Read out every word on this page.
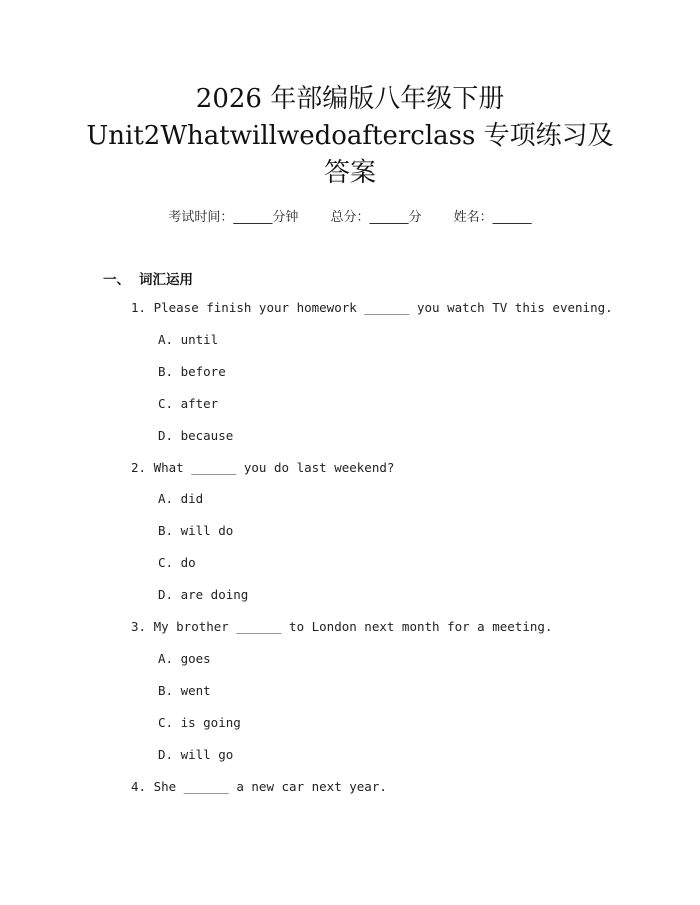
2026 年部编版八年级下册
Unit2Whatwillwedoafterclass 专项练习及
答案
考试时间：______分钟 总分：______分 姓名：______
一、 词汇运用
1. Please finish your homework ______ you watch TV this evening.
A. until
B. before
C. after
D. because
2. What ______ you do last weekend?
A. did
B. will do
C. do
D. are doing
3. My brother ______ to London next month for a meeting.
A. goes
B. went
C. is going
D. will go
4. She ______ a new car next year.
